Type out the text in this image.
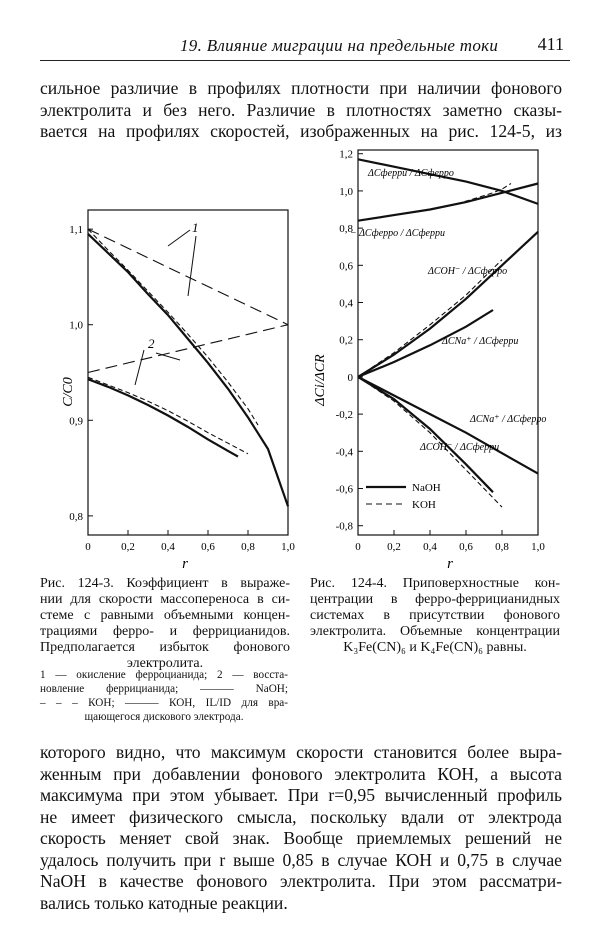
19. Влияние миграции на предельные токи 411
сильное различие в профилях плотности при наличии фонового
электролита и без него. Различие в плотностях заметно сказы-
вается на профилях скоростей, изображенных на рис. 124-5, из
0	0,2 0,4 0,6 0,8 1,0
0,8
0,9
1,0
1,1
C/C0
r
1
2
0 0,2 0,4 0,6 0,8 1,0
1,2
1,0
0,8
0,6
0,4
0,2
0
-0,2
-0,4
-0,6
-0,8
ΔCi/ΔCR
r
ΔCферри / ΔCферро
− ΔCферро / ΔCферри
ΔCOH⁻ / ΔCферро
ΔCNa⁺ / ΔCферри
ΔCNa⁺ / ΔCферро
ΔCOH⁻ / ΔCферри
NaOH
KOH
Рис. 124-3. Коэффициент в выраже-
нии для скорости массопереноса в си-
стеме с равными объемными концен-
трациями ферро- и феррицианидов.
Предполагается избыток фонового
электролита.
1 — окисление ферроцианида; 2 — восста-
новление феррицианида; ——— NaOH;
– – – КОН; ——— КОН, IL/ID для вра-
щающегося дискового электрода.
Рис. 124-4. Приповерхностные кон-
центрации в ферро-феррицианидных
системах в присутствии фонового
электролита. Объемные концентрации
K₃Fe(CN)₆ и K₄Fe(CN)₆ равны.
которого видно, что максимум скорости становится более выра-
женным при добавлении фонового электролита КОН, а высота
максимума при этом убывает. При r=0,95 вычисленный профиль
не имеет физического смысла, поскольку вдали от электрода
скорость меняет свой знак. Вообще приемлемых решений не
удалось получить при r выше 0,85 в случае КОН и 0,75 в случае
NaOH в качестве фонового электролита. При этом рассматри-
вались только катодные реакции.
